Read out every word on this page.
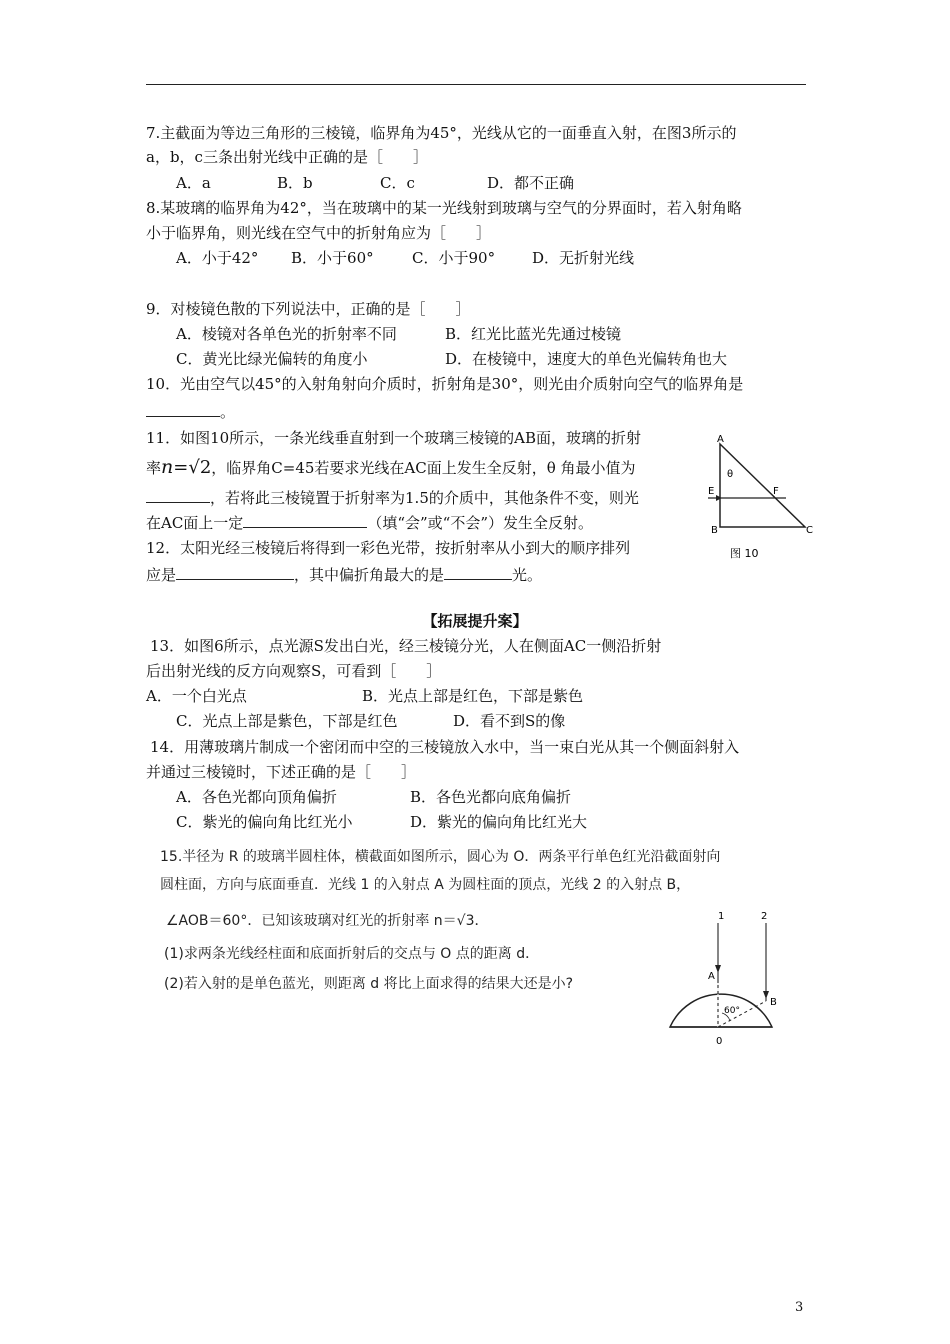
7.主截面为等边三角形的三棱镜，临界角为45°，光线从它的一面垂直入射，在图3所示的
a，b，c三条出射光线中正确的是［　　］
A．a	B．b	C．c	D．都不正确
8.某玻璃的临界角为42°，当在玻璃中的某一光线射到玻璃与空气的分界面时，若入射角略
小于临界角，则光线在空气中的折射角应为［　　］
A．小于42° B．小于60°	C．小于90° D．无折射光线
9．对棱镜色散的下列说法中，正确的是［　　］
A．棱镜对各单色光的折射率不同	B．红光比蓝光先通过棱镜
C．黄光比绿光偏转的角度小	D．在棱镜中，速度大的单色光偏转角也大
10．光由空气以45°的入射角射向介质时，折射角是30°，则光由介质射向空气的临界角是
。
11．如图10所示，一条光线垂直射到一个玻璃三棱镜的AB面，玻璃的折射
率n=√2，临界角C=45若要求光线在AC面上发生全反射，θ 角最小值为
，若将此三棱镜置于折射率为1.5的介质中，其他条件不变，则光
在AC面上一定	（填“会”或“不会”）发生全反射。
A
θ
E	F
B	C
图 10
12．太阳光经三棱镜后将得到一彩色光带，按折射率从小到大的顺序排列
应是	，其中偏折角最大的是	光。
【拓展提升案】
13．如图6所示，点光源S发出白光，经三棱镜分光，人在侧面AC一侧沿折射
后出射光线的反方向观察S，可看到［　　］
A．一个白光点	B．光点上部是红色，下部是紫色
C．光点上部是紫色，下部是红色	D．看不到S的像
14．用薄玻璃片制成一个密闭而中空的三棱镜放入水中，当一束白光从其一个侧面斜射入
并通过三棱镜时，下述正确的是［　　］
A．各色光都向顶角偏折	B．各色光都向底角偏折
C．紫光的偏向角比红光小	D．紫光的偏向角比红光大
15.半径为 R 的玻璃半圆柱体，横截面如图所示，圆心为 O．两条平行单色红光沿截面射向
圆柱面，方向与底面垂直．光线 1 的入射点 A 为圆柱面的顶点，光线 2 的入射点 B，
∠AOB＝60°．已知该玻璃对红光的折射率 n＝√3．
(1)求两条光线经柱面和底面折射后的交点与 O 点的距离 d．
(2)若入射的是单色蓝光，则距离 d 将比上面求得的结果大还是小?
1	2
A
B
60°
0
3
